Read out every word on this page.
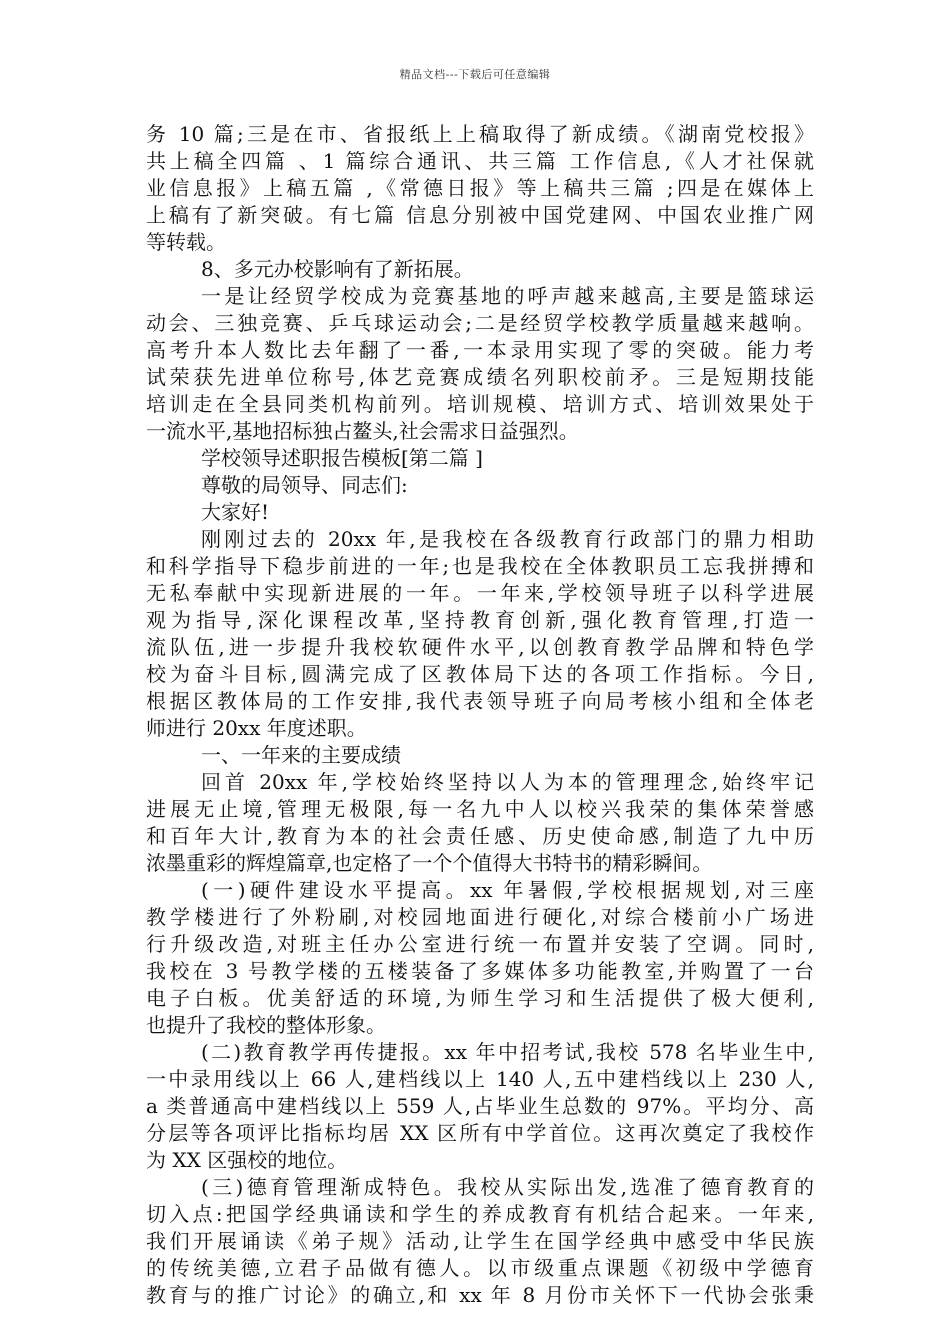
精品文档---下载后可任意编辑
务 10 篇;三是在市、省报纸上上稿取得了新成绩。《湖南党校报》
共上稿全四篇 、1 篇综合通讯、共三篇 工作信息,《人才社保就
业信息报》上稿五篇 ,《常德日报》等上稿共三篇 ;四是在媒体上
上稿有了新突破。有七篇 信息分别被中国党建网、中国农业推广网
等转载。
8、多元办校影响有了新拓展。
一是让经贸学校成为竞赛基地的呼声越来越高,主要是篮球运
动会、三独竞赛、乒乓球运动会;二是经贸学校教学质量越来越响。
高考升本人数比去年翻了一番,一本录用实现了零的突破。能力考
试荣获先进单位称号,体艺竞赛成绩名列职校前矛。三是短期技能
培训走在全县同类机构前列。培训规模、培训方式、培训效果处于
一流水平,基地招标独占鳌头,社会需求日益强烈。
学校领导述职报告模板[第二篇 ]
尊敬的局领导、同志们:
大家好!
刚刚过去的 20xx 年,是我校在各级教育行政部门的鼎力相助
和科学指导下稳步前进的一年;也是我校在全体教职员工忘我拼搏和
无私奉献中实现新进展的一年。一年来,学校领导班子以科学进展
观为指导,深化课程改革,坚持教育创新,强化教育管理,打造一
流队伍,进一步提升我校软硬件水平,以创教育教学品牌和特色学
校为奋斗目标,圆满完成了区教体局下达的各项工作指标。今日,
根据区教体局的工作安排,我代表领导班子向局考核小组和全体老
师进行 20xx 年度述职。
一、一年来的主要成绩
回首 20xx 年,学校始终坚持以人为本的管理理念,始终牢记
进展无止境,管理无极限,每一名九中人以校兴我荣的集体荣誉感
和百年大计,教育为本的社会责任感、历史使命感,制造了九中历
浓墨重彩的辉煌篇章,也定格了一个个值得大书特书的精彩瞬间。
(一)硬件建设水平提高。xx 年暑假,学校根据规划,对三座
教学楼进行了外粉刷,对校园地面进行硬化,对综合楼前小广场进
行升级改造,对班主任办公室进行统一布置并安装了空调。同时,
我校在 3 号教学楼的五楼装备了多媒体多功能教室,并购置了一台
电子白板。优美舒适的环境,为师生学习和生活提供了极大便利,
也提升了我校的整体形象。
(二)教育教学再传捷报。xx 年中招考试,我校 578 名毕业生中,
一中录用线以上 66 人,建档线以上 140 人,五中建档线以上 230 人,
a 类普通高中建档线以上 559 人,占毕业生总数的 97%。平均分、高
分层等各项评比指标均居 XX 区所有中学首位。这再次奠定了我校作
为 XX 区强校的地位。
(三)德育管理渐成特色。我校从实际出发,选准了德育教育的
切入点:把国学经典诵读和学生的养成教育有机结合起来。一年来,
我们开展诵读《弟子规》活动,让学生在国学经典中感受中华民族
的传统美德,立君子品做有德人。以市级重点课题《初级中学德育
教育与的推广讨论》的确立,和 xx 年 8 月份市关怀下一代协会张秉
